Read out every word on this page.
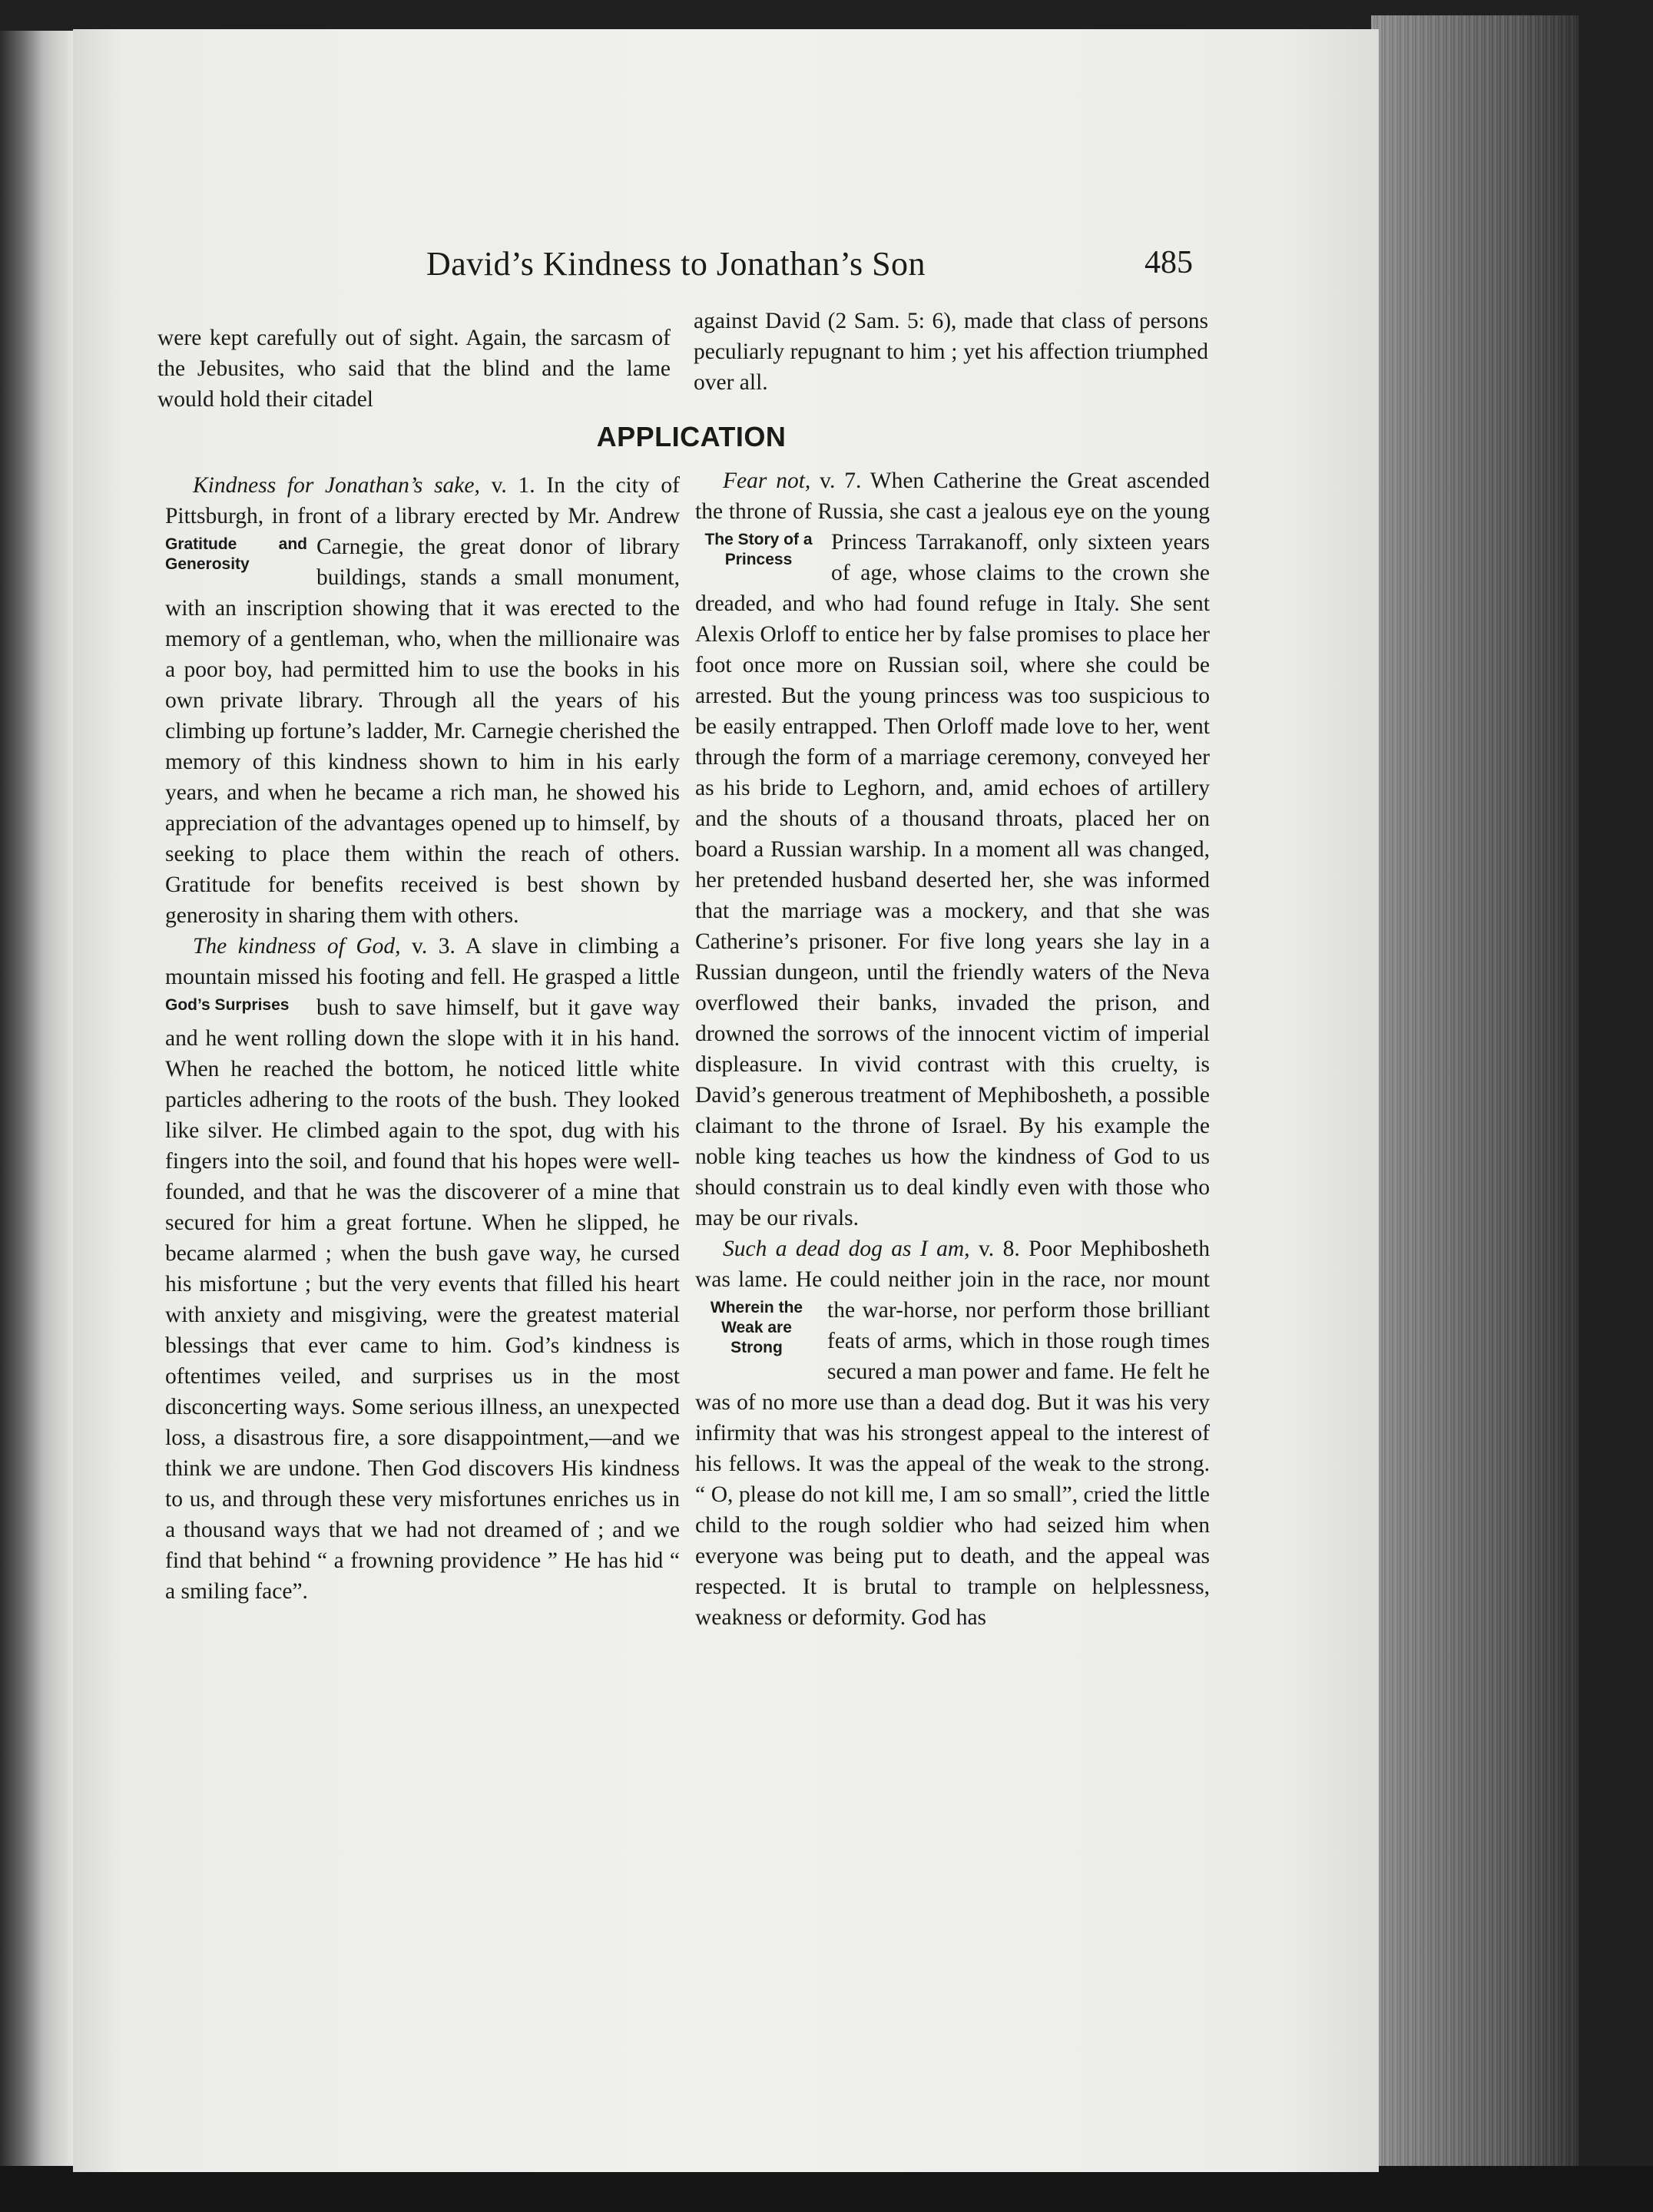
David’s Kindness to Jonathan’s Son	485

were kept carefully out of sight. Again, the sarcasm of the Jebusites, who said that the blind and the lame would hold their citadel

against David (2 Sam. 5: 6), made that class of persons peculiarly repugnant to him ; yet his affection triumphed over all.

APPLICATION

Kindness for Jonathan’s sake, v. 1. In the city of Pittsburgh, in front of a library erected by Mr. Andrew Carnegie, the great
Gratitude and Generosity
donor of library buildings, stands a small monument, with an inscription showing that it was erected to the memory of a gentleman, who, when the millionaire was a poor boy, had permitted him to use the books in his own private library. Through all the years of his climbing up fortune’s ladder, Mr. Carnegie cherished the memory of this kindness shown to him in his early years, and when he became a rich man, he showed his appreciation of the advantages opened up to himself, by seeking to place them within the reach of others. Gratitude for benefits received is best shown by generosity in sharing them with others.

The kindness of God, v. 3. A slave in climbing a mountain missed his footing and fell. He grasped a little bush to save him
God’s Surprises	self, but it gave way and he went rolling down the slope with it in his hand. When he reached the bottom, he noticed little white particles adhering to the roots of the bush. They looked like silver. He climbed again to the spot, dug with his fingers into the soil, and found that his hopes were well-founded, and that he was the discoverer of a mine that secured for him a great fortune. When he slipped, he became alarmed ; when the bush gave way, he cursed his misfortune ; but the very events that filled his heart with anxiety and misgiving, were the greatest material blessings that ever came to him. God’s kindness is oftentimes veiled, and surprises us in the most disconcerting ways. Some serious illness, an unexpected loss, a disastrous fire, a sore disappointment,—and we think we are undone. Then God discovers His kindness to us, and through these very misfortunes enriches us in a thousand ways that we had not dreamed of ; and we find that behind “ a frowning providence ” He has hid “ a smiling face”.

Fear not, v. 7. When Catherine the Great ascended the throne of Russia, she cast a jealous eye on the young Princess Tarra
The Story of a Princess
kanoff, only sixteen years of age, whose claims to the crown she dreaded, and who had found refuge in Italy. She sent Alexis Orloff to entice her by false promises to place her foot once more on Russian soil, where she could be arrested. But the young princess was too suspicious to be easily entrapped. Then Orloff made love to her, went through the form of a marriage ceremony, conveyed her as his bride to Leghorn, and, amid echoes of artillery and the shouts of a thousand throats, placed her on board a Russian warship. In a moment all was changed, her pretended husband deserted her, she was informed that the marriage was a mockery, and that she was Catherine’s prisoner. For five long years she lay in a Russian dungeon, until the friendly waters of the Neva overflowed their banks, invaded the prison, and drowned the sorrows of the innocent victim of imperial displeasure. In vivid contrast with this cruelty, is David’s generous treatment of Mephibosheth, a possible claimant to the throne of Israel. By his example the noble king teaches us how the kindness of God to us should constrain us to deal kindly even with those who may be our rivals.

Such a dead dog as I am, v. 8. Poor Mephibosheth was lame. He could neither join in the race, nor mount the war-horse, nor
Wherein the Weak are Strong
perform those brilliant feats of arms, which in those rough times secured a man power and fame. He felt he was of no more use than a dead dog. But it was his very infirmity that was his strongest appeal to the interest of his fellows. It was the appeal of the weak to the strong. “ O, please do not kill me, I am so small”, cried the little child to the rough soldier who had seized him when everyone was being put to death, and the appeal was respected. It is brutal to trample on helplessness, weakness or deformity. God has
